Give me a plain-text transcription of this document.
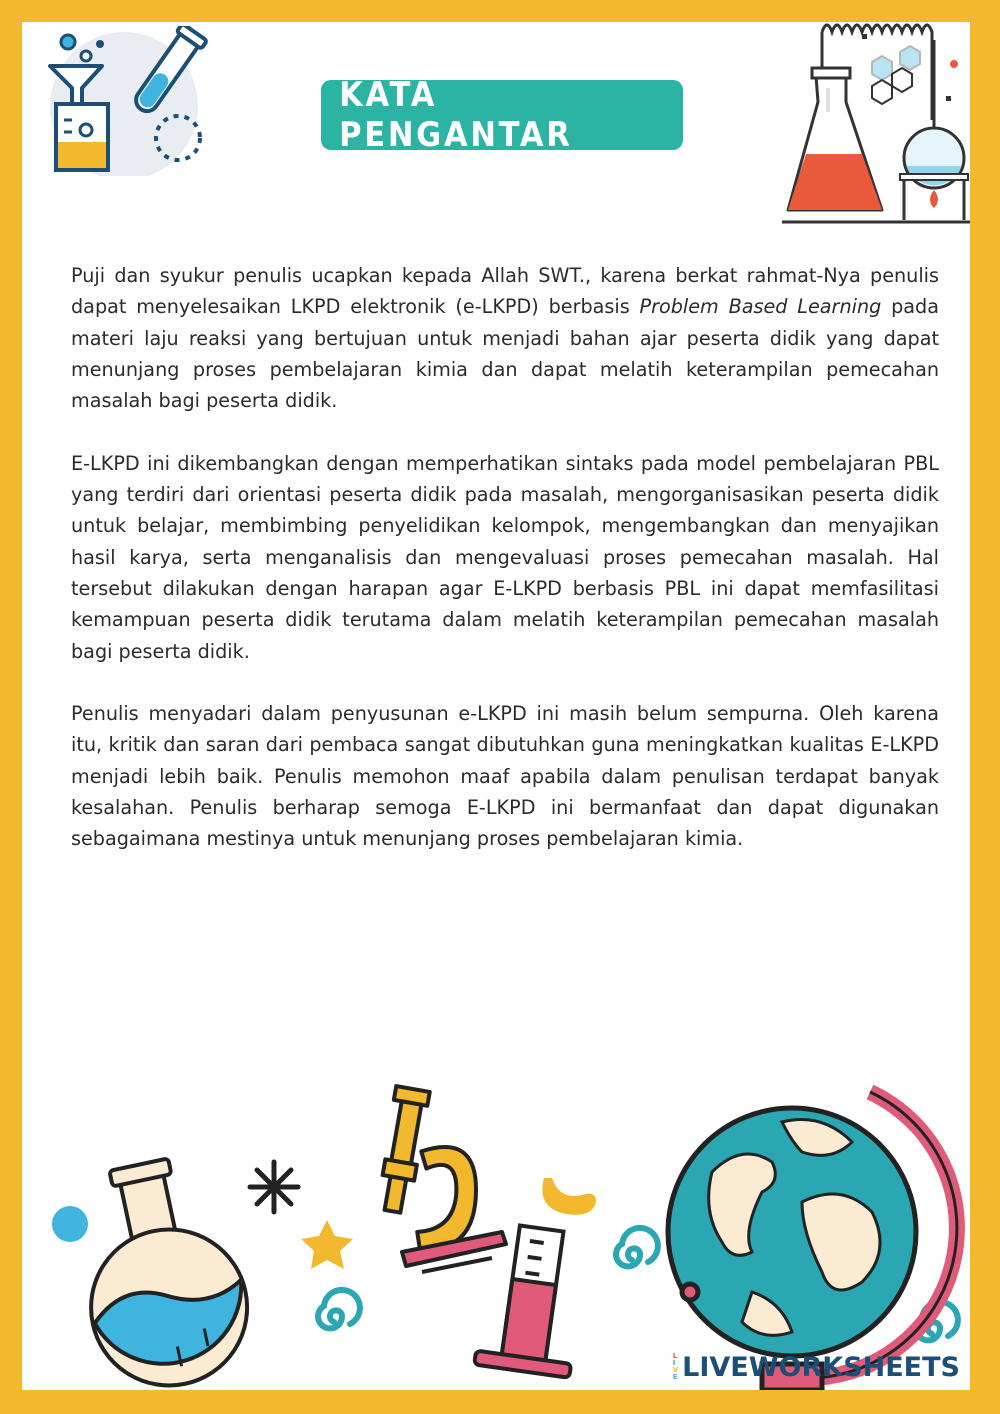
KATA PENGANTAR

Puji dan syukur penulis ucapkan kepada Allah SWT., karena berkat rahmat-Nya penulis dapat menyelesaikan LKPD elektronik (e-LKPD) berbasis Problem Based Learning pada materi laju reaksi yang bertujuan untuk menjadi bahan ajar peserta didik yang dapat menunjang proses pembelajaran kimia dan dapat melatih keterampilan pemecahan masalah bagi peserta didik.

E-LKPD ini dikembangkan dengan memperhatikan sintaks pada model pembelajaran PBL yang terdiri dari orientasi peserta didik pada masalah, mengorganisasikan peserta didik untuk belajar, membimbing penyelidikan kelompok, mengembangkan dan menyajikan hasil karya, serta menganalisis dan mengevaluasi proses pemecahan masalah. Hal tersebut dilakukan dengan harapan agar E-LKPD berbasis PBL ini dapat memfasilitasi kemampuan peserta didik terutama dalam melatih keterampilan pemecahan masalah bagi peserta didik.

Penulis menyadari dalam penyusunan e-LKPD ini masih belum sempurna. Oleh karena itu, kritik dan saran dari pembaca sangat dibutuhkan guna meningkatkan kualitas E-LKPD menjadi lebih baik. Penulis memohon maaf apabila dalam penulisan terdapat banyak kesalahan. Penulis berharap semoga E-LKPD ini bermanfaat dan dapat digunakan sebagaimana mestinya untuk menunjang proses pembelajaran kimia.

L
I
V
E LIVEWORKSHEETS
